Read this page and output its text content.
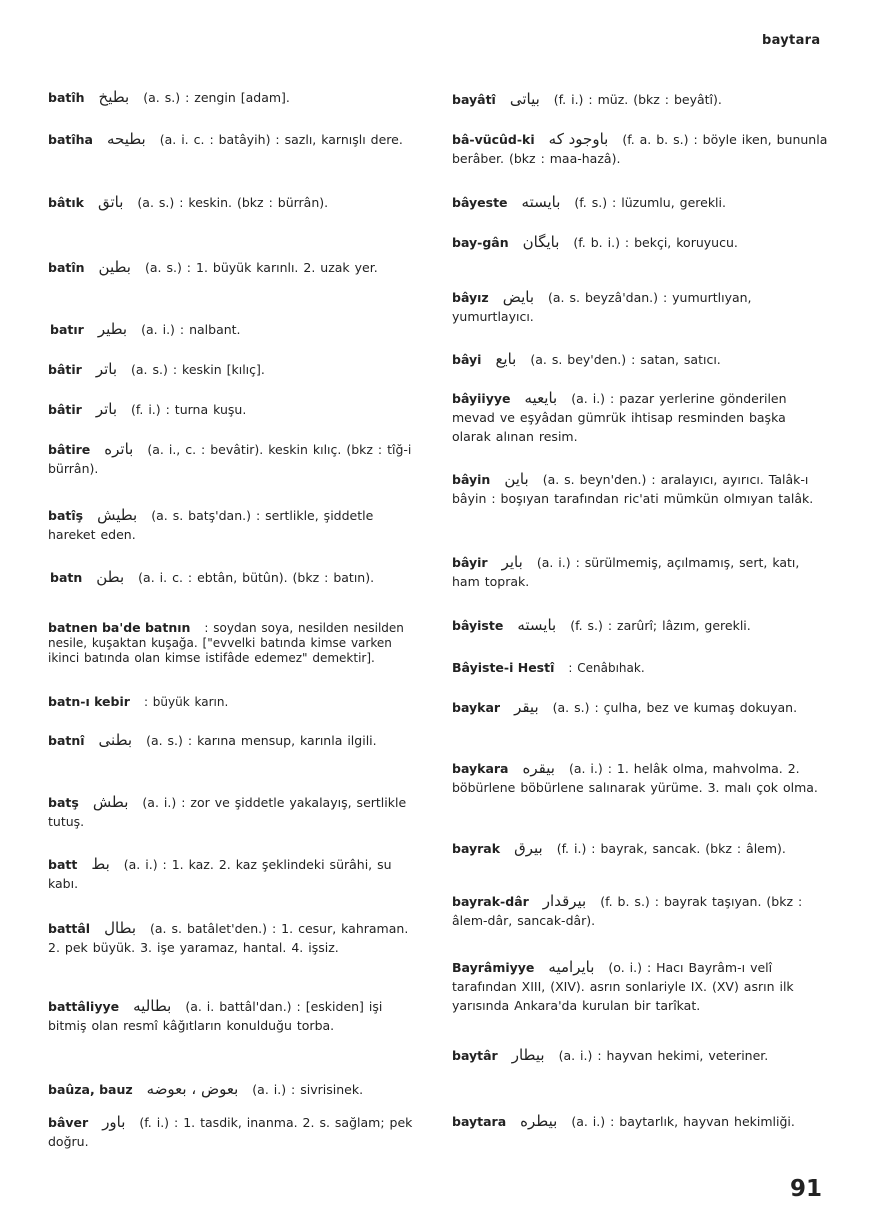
baytara
batîh بطيخ (a. s.) : zengin [adam].
batîha بطيحه (a. i. c. : batâyih) : sazlı, karnışlı dere.
bâtık باتق (a. s.) : keskin. (bkz : bürrân).
batîn بطين (a. s.) : 1. büyük karınlı. 2. uzak yer.
batır بطير (a. i.) : nalbant.
bâtir باتر (a. s.) : keskin [kılıç].
bâtir باتر (f. i.) : turna kuşu.
bâtire باتره (a. i., c. : bevâtir). keskin kılıç. (bkz : tîğ-i bürrân).
batîş بطيش (a. s. batş'dan.) : sertlikle, şiddetle hareket eden.
batn بطن (a. i. c. : ebtân, bütûn). (bkz : batın).
batnen ba'de batnın : soydan soya, nesilden nesilden nesile, kuşaktan kuşağa. ["evvelki batında kimse varken ikinci batında olan kimse istifâde edemez" demektir].
batn-ı kebir : büyük karın.
batnî بطنى (a. s.) : karına mensup, karınla ilgili.
batş بطش (a. i.) : zor ve şiddetle yakalayış, sertlikle tutuş.
batt بط (a. i.) : 1. kaz. 2. kaz şeklindeki sürâhi, su kabı.
battâl بطال (a. s. batâlet'den.) : 1. cesur, kahraman. 2. pek büyük. 3. işe yaramaz, hantal. 4. işsiz.
battâliyye بطاليه (a. i. battâl'dan.) : [eskiden] işi bitmiş olan resmî kâğıtların konulduğu torba.
baûza, bauz بعوض ، بعوضه (a. i.) : sivrisinek.
bâver باور (f. i.) : 1. tasdik, inanma. 2. s. sağlam; pek doğru.
bayâtî بياتى (f. i.) : müz. (bkz : beyâtî).
bâ-vücûd-ki باوجود كه (f. a. b. s.) : böyle iken, bununla berâber. (bkz : maa-hazâ).
bâyeste بايسته (f. s.) : lüzumlu, gerekli.
bay-gân بايگان (f. b. i.) : bekçi, koruyucu.
bâyız بايض (a. s. beyzâ'dan.) : yumurtlıyan, yumurtlayıcı.
bâyi بايع (a. s. bey'den.) : satan, satıcı.
bâyiiyye بايعيه (a. i.) : pazar yerlerine gönderilen mevad ve eşyâdan gümrük ihtisap resminden başka olarak alınan resim.
bâyin باين (a. s. beyn'den.) : aralayıcı, ayırıcı. Talâk-ı bâyin : boşıyan tarafından ric'ati mümkün olmıyan talâk.
bâyir باير (a. i.) : sürülmemiş, açılmamış, sert, katı, ham toprak.
bâyiste بايسته (f. s.) : zarûrî; lâzım, gerekli.
Bâyiste-i Hestî : Cenâbıhak.
baykar بيقر (a. s.) : çulha, bez ve kumaş dokuyan.
baykara بيقره (a. i.) : 1. helâk olma, mahvolma. 2. böbürlene böbürlene salınarak yürüme. 3. malı çok olma.
bayrak بيرق (f. i.) : bayrak, sancak. (bkz : âlem).
bayrak-dâr بيرقدار (f. b. s.) : bayrak taşıyan. (bkz : âlem-dâr, sancak-dâr).
Bayrâmiyye بايراميه (o. i.) : Hacı Bayrâm-ı velî tarafından XIII, (XIV). asrın sonlariyle IX. (XV) asrın ilk yarısında Ankara'da kurulan bir tarîkat.
baytâr بيطار (a. i.) : hayvan hekimi, veteriner.
baytara بيطره (a. i.) : baytarlık, hayvan hekimliği.
91
